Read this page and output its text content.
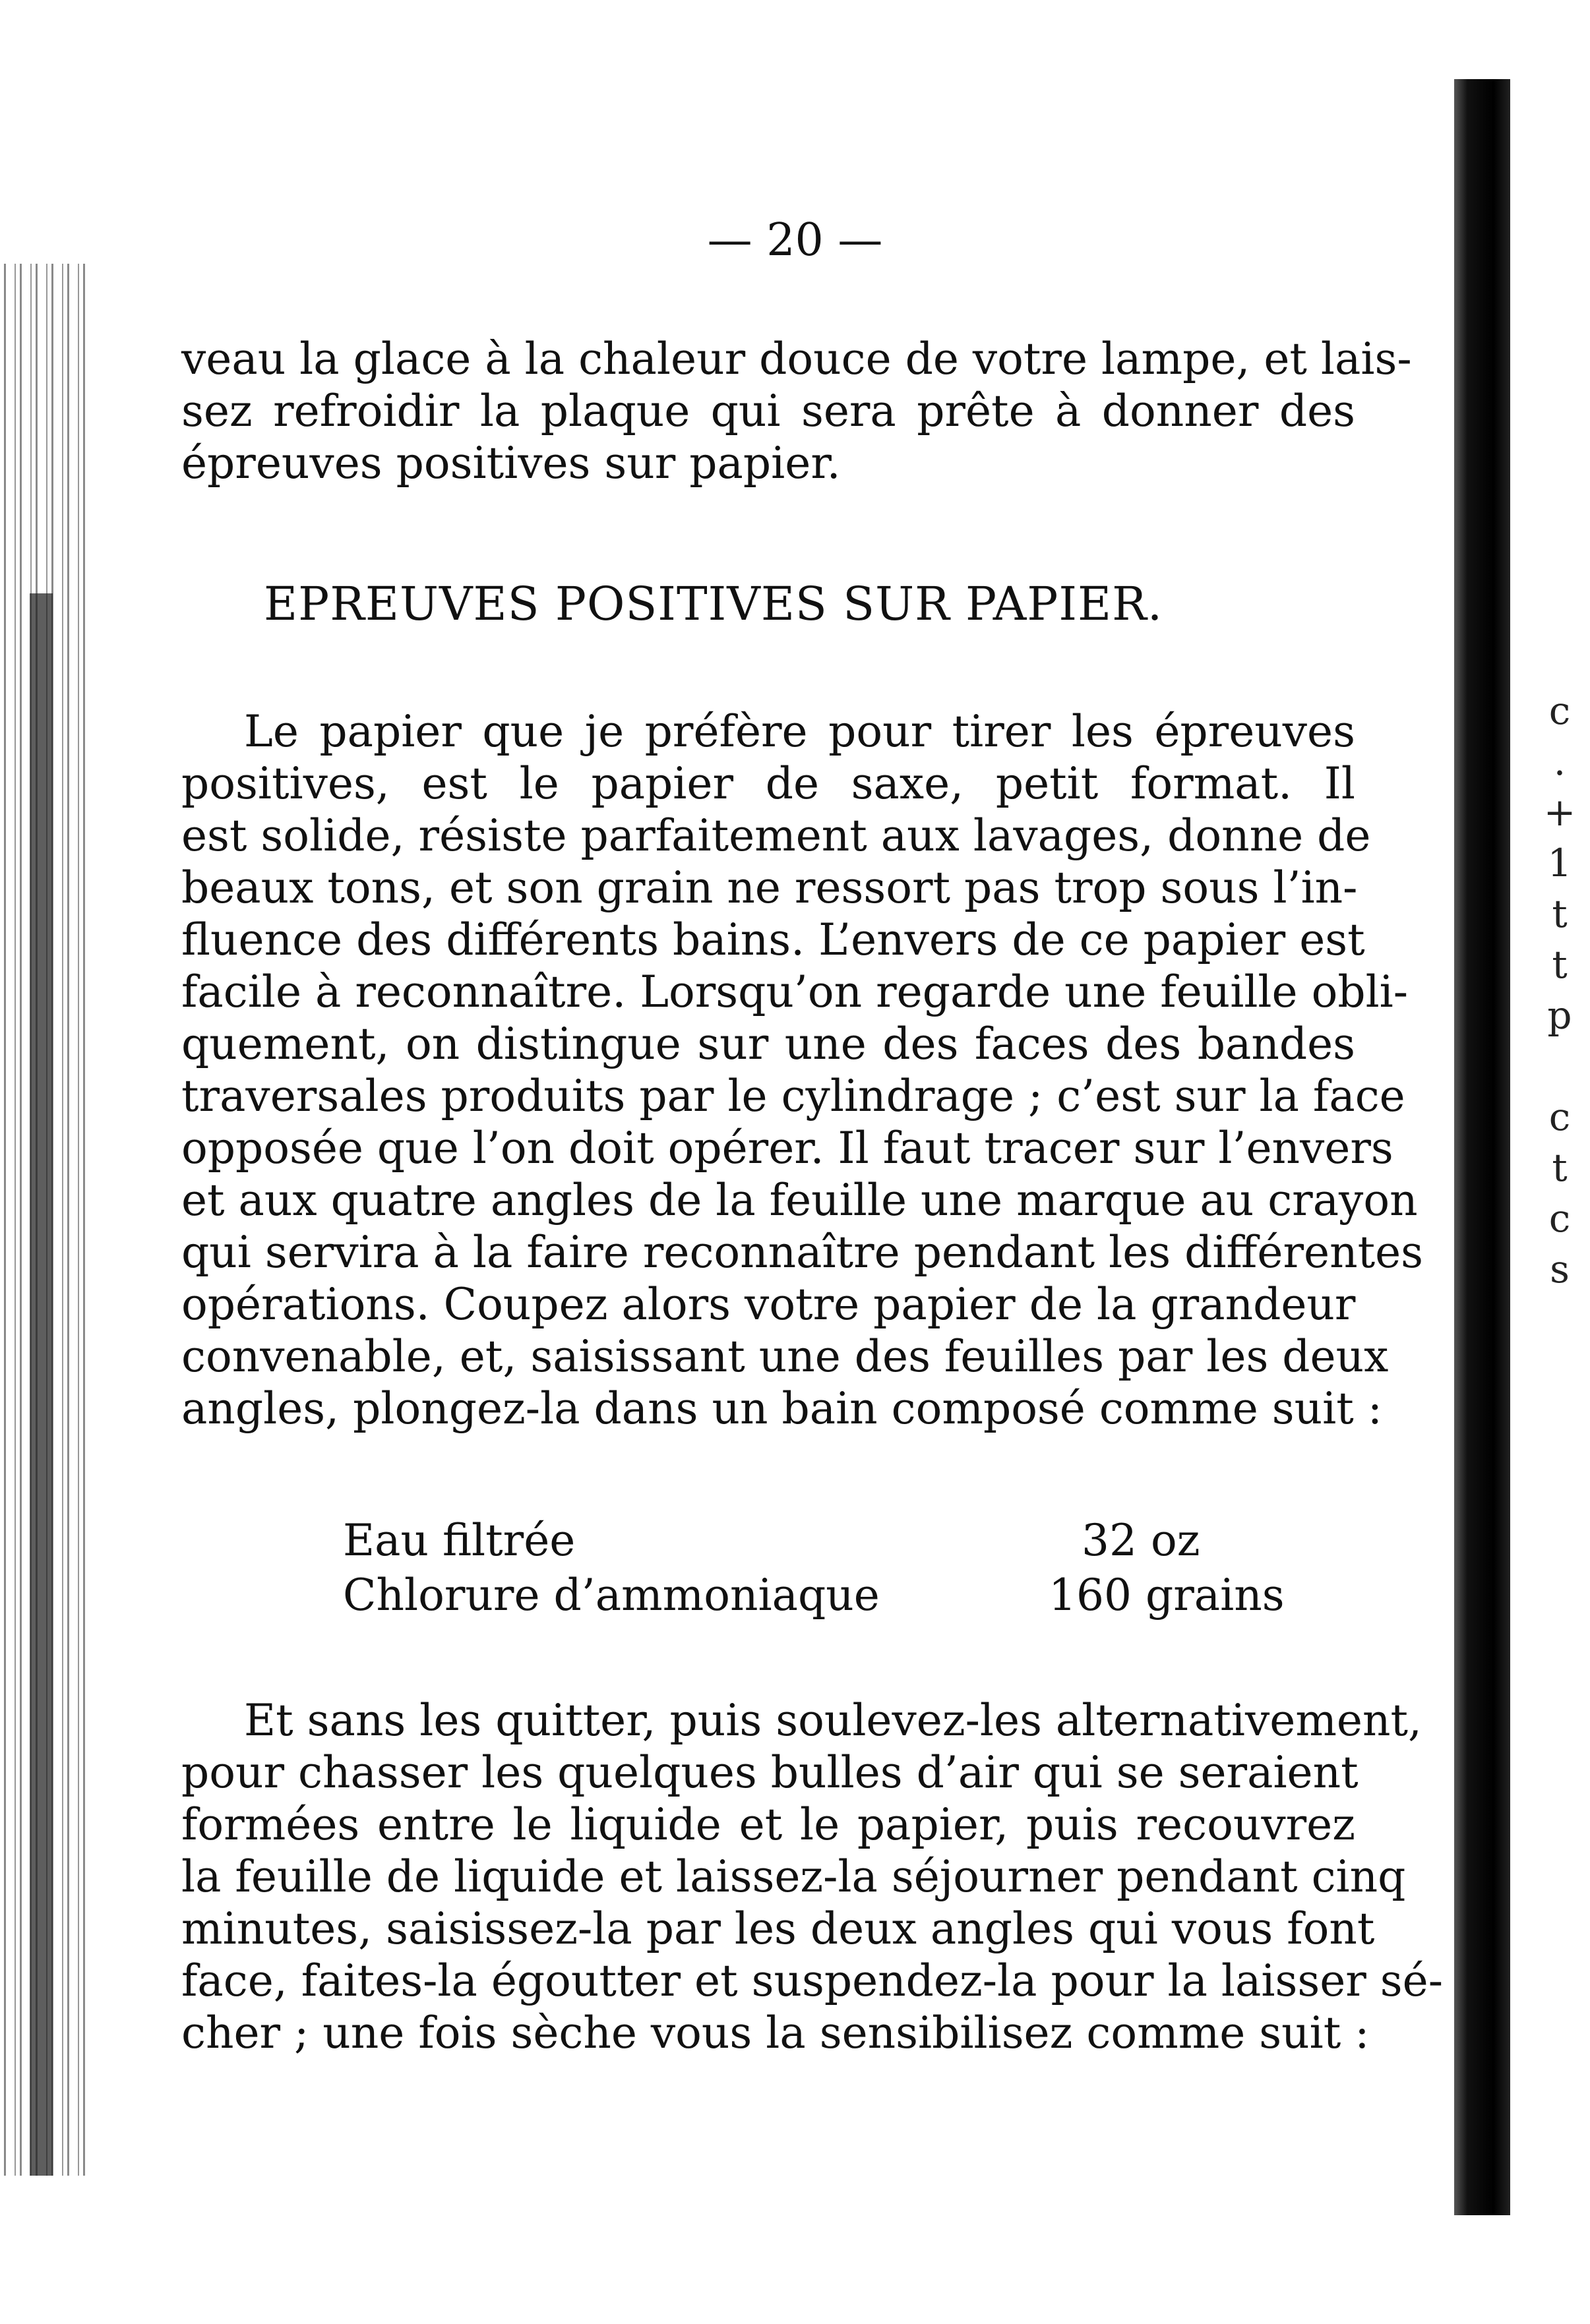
c
.
+
1
t
t
p

c
t
c
s
— 20 —
veau la glace à la chaleur douce de votre lampe, et lais-
sez refroidir la plaque qui sera prête à donner des
épreuves positives sur papier.
EPREUVES POSITIVES SUR PAPIER.
Le papier que je préfère pour tirer les épreuves
positives, est le papier de saxe, petit format. Il
est solide, résiste parfaitement aux lavages, donne de
beaux tons, et son grain ne ressort pas trop sous l’in-
fluence des différents bains. L’envers de ce papier est
facile à reconnaître. Lorsqu’on regarde une feuille obli-
quement, on distingue sur une des faces des bandes
traversales produits par le cylindrage ; c’est sur la face
opposée que l’on doit opérer. Il faut tracer sur l’envers
et aux quatre angles de la feuille une marque au crayon
qui servira à la faire reconnaître pendant les différentes
opérations. Coupez alors votre papier de la grandeur
convenable, et, saisissant une des feuilles par les deux
angles, plongez-la dans un bain composé comme suit :
Eau filtrée	32 oz
Chlorure d’ammoniaque	160 grains
Et sans les quitter, puis soulevez-les alternativement,
pour chasser les quelques bulles d’air qui se seraient
formées entre le liquide et le papier, puis recouvrez
la feuille de liquide et laissez-la séjourner pendant cinq
minutes, saisissez-la par les deux angles qui vous font
face, faites-la égoutter et suspendez-la pour la laisser sé-
cher ; une fois sèche vous la sensibilisez comme suit :
